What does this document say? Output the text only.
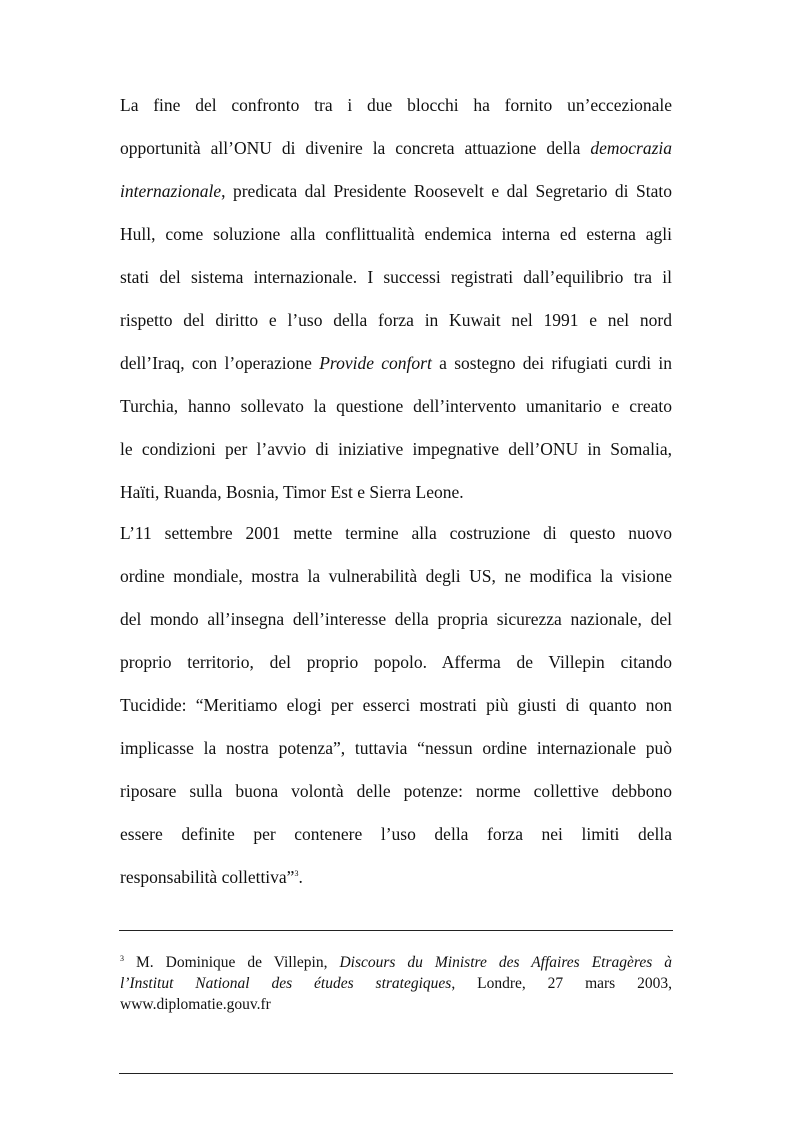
La fine del confronto tra i due blocchi ha fornito un’eccezionale
opportunità all’ONU di divenire la concreta attuazione della democrazia
internazionale, predicata dal Presidente Roosevelt e dal Segretario di Stato
Hull, come soluzione alla conflittualità endemica interna ed esterna agli
stati del sistema internazionale. I successi registrati dall’equilibrio tra il
rispetto del diritto e l’uso della forza in Kuwait nel 1991 e nel nord
dell’Iraq, con l’operazione Provide confort a sostegno dei rifugiati curdi in
Turchia, hanno sollevato la questione dell’intervento umanitario e creato
le condizioni per l’avvio di iniziative impegnative dell’ONU in Somalia,
Haïti, Ruanda, Bosnia, Timor Est e Sierra Leone.
L’11 settembre 2001 mette termine alla costruzione di questo nuovo
ordine mondiale, mostra la vulnerabilità degli US, ne modifica la visione
del mondo all’insegna dell’interesse della propria sicurezza nazionale, del
proprio territorio, del proprio popolo. Afferma de Villepin citando
Tucidide: “Meritiamo elogi per esserci mostrati più giusti di quanto non
implicasse la nostra potenza”, tuttavia “nessun ordine internazionale può
riposare sulla buona volontà delle potenze: norme collettive debbono
essere definite per contenere l’uso della forza nei limiti della
responsabilità collettiva”$^3$.
$^3$ M. Dominique de Villepin, Discours du Ministre des Affaires Etragères à
l’Institut National des études strategiques, Londre, 27 mars 2003,
www.diplomatie.gouv.fr
